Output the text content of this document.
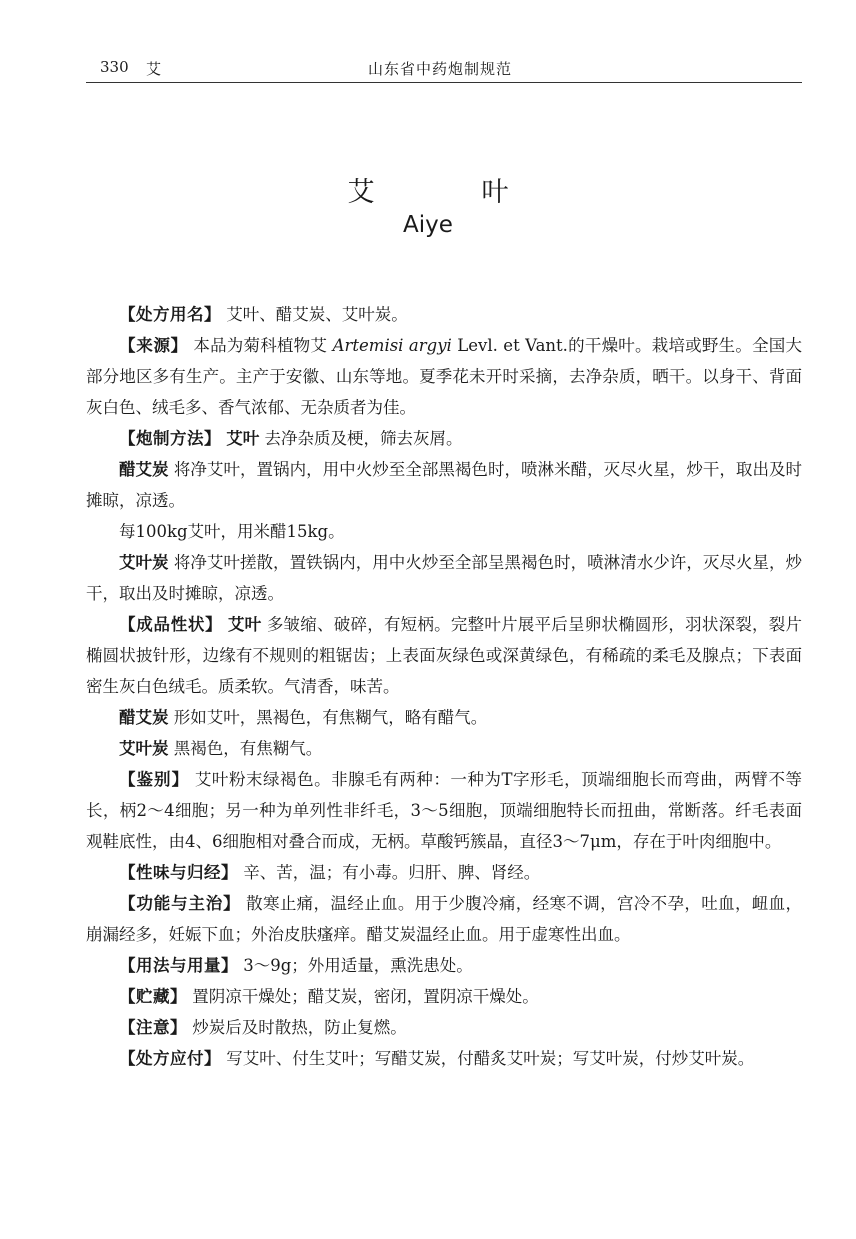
330 艾	山东省中药炮制规范
艾　叶
Aiye

【处方用名】 艾叶、醋艾炭、艾叶炭。

【来源】 本品为菊科植物艾 Artemisi argyi Levl. et Vant.的干燥叶。栽培或野生。全国大部分地区多有生产。主产于安徽、山东等地。夏季花未开时采摘，去净杂质，晒干。以身干、背面灰白色、绒毛多、香气浓郁、无杂质者为佳。

【炮制方法】 艾叶 去净杂质及梗，筛去灰屑。

醋艾炭 将净艾叶，置锅内，用中火炒至全部黑褐色时，喷淋米醋，灭尽火星，炒干，取出及时摊晾，凉透。

每100kg艾叶，用米醋15kg。

艾叶炭 将净艾叶搓散，置铁锅内，用中火炒至全部呈黑褐色时，喷淋清水少许，灭尽火星，炒干，取出及时摊晾，凉透。

【成品性状】 艾叶 多皱缩、破碎，有短柄。完整叶片展平后呈卵状椭圆形，羽状深裂，裂片椭圆状披针形，边缘有不规则的粗锯齿；上表面灰绿色或深黄绿色，有稀疏的柔毛及腺点；下表面密生灰白色绒毛。质柔软。气清香，味苦。

醋艾炭 形如艾叶，黑褐色，有焦糊气，略有醋气。

艾叶炭 黑褐色，有焦糊气。

【鉴别】 艾叶粉末绿褐色。非腺毛有两种：一种为T字形毛，顶端细胞长而弯曲，两臂不等长，柄2～4细胞；另一种为单列性非纤毛，3～5细胞，顶端细胞特长而扭曲，常断落。纤毛表面观鞋底性，由4、6细胞相对叠合而成，无柄。草酸钙簇晶，直径3～7μm，存在于叶肉细胞中。

【性味与归经】 辛、苦，温；有小毒。归肝、脾、肾经。

【功能与主治】 散寒止痛，温经止血。用于少腹冷痛，经寒不调，宫冷不孕，吐血，衄血，崩漏经多，妊娠下血；外治皮肤瘙痒。醋艾炭温经止血。用于虚寒性出血。

【用法与用量】 3～9g；外用适量，熏洗患处。

【贮藏】 置阴凉干燥处；醋艾炭，密闭，置阴凉干燥处。

【注意】 炒炭后及时散热，防止复燃。

【处方应付】 写艾叶、付生艾叶；写醋艾炭，付醋炙艾叶炭；写艾叶炭，付炒艾叶炭。
